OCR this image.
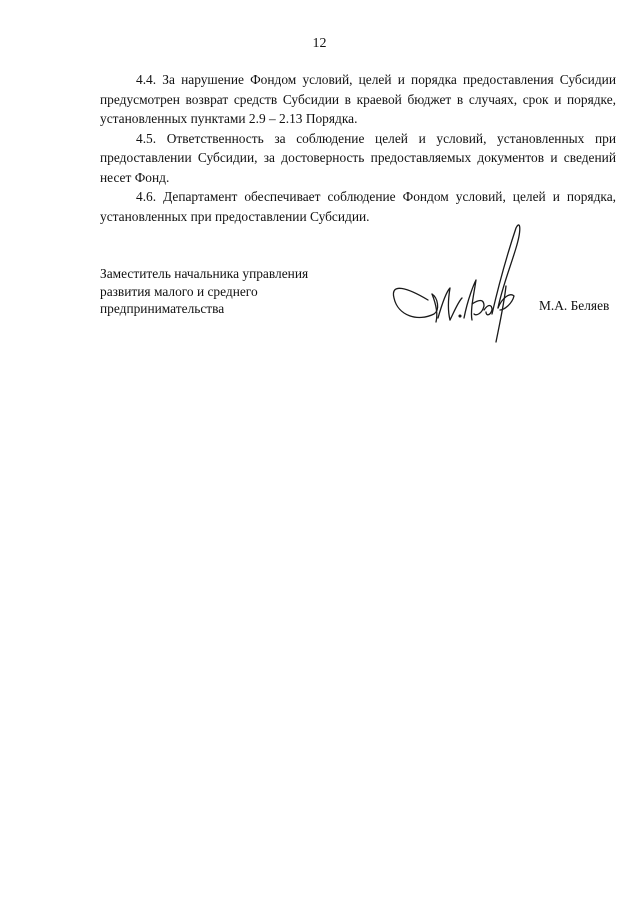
12

4.4. За нарушение Фондом условий, целей и порядка предоставления Субсидии предусмотрен возврат средств Субсидии в краевой бюджет в случаях, срок и порядке, установленных пунктами 2.9 – 2.13 Порядка.

4.5. Ответственность за соблюдение целей и условий, установленных при предоставлении Субсидии, за достоверность предоставляемых документов и сведений несет Фонд.

4.6. Департамент обеспечивает соблюдение Фондом условий, целей и порядка, установленных при предоставлении Субсидии.

Заместитель начальника управления
развития малого и среднего
предпринимательства	М.А. Беляев
